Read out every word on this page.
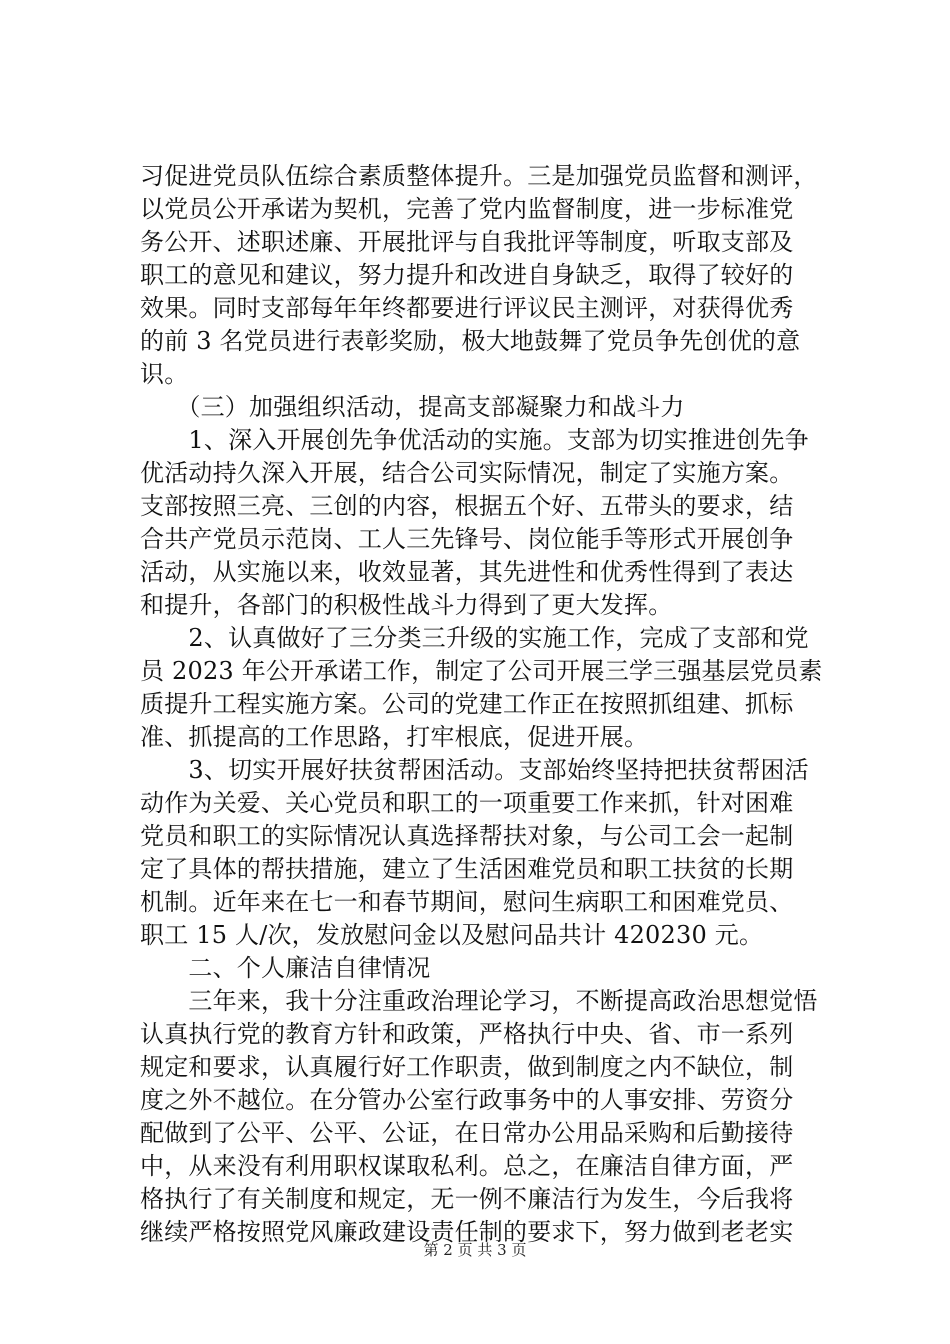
习促进党员队伍综合素质整体提升。三是加强党员监督和测评，
以党员公开承诺为契机，完善了党内监督制度，进一步标准党
务公开、述职述廉、开展批评与自我批评等制度，听取支部及
职工的意见和建议，努力提升和改进自身缺乏，取得了较好的
效果。同时支部每年年终都要进行评议民主测评，对获得优秀
的前 3 名党员进行表彰奖励，极大地鼓舞了党员争先创优的意
识。
　　（三）加强组织活动，提高支部凝聚力和战斗力
　　1、深入开展创先争优活动的实施。支部为切实推进创先争
优活动持久深入开展，结合公司实际情况，制定了实施方案。
支部按照三亮、三创的内容，根据五个好、五带头的要求，结
合共产党员示范岗、工人三先锋号、岗位能手等形式开展创争
活动，从实施以来，收效显著，其先进性和优秀性得到了表达
和提升，各部门的积极性战斗力得到了更大发挥。
　　2、认真做好了三分类三升级的实施工作，完成了支部和党
员 2023 年公开承诺工作，制定了公司开展三学三强基层党员素
质提升工程实施方案。公司的党建工作正在按照抓组建、抓标
准、抓提高的工作思路，打牢根底，促进开展。
　　3、切实开展好扶贫帮困活动。支部始终坚持把扶贫帮困活
动作为关爱、关心党员和职工的一项重要工作来抓，针对困难
党员和职工的实际情况认真选择帮扶对象，与公司工会一起制
定了具体的帮扶措施，建立了生活困难党员和职工扶贫的长期
机制。近年来在七一和春节期间，慰问生病职工和困难党员、
职工 15 人/次，发放慰问金以及慰问品共计 420230 元。
　　二、个人廉洁自律情况
　　三年来，我十分注重政治理论学习，不断提高政治思想觉悟
认真执行党的教育方针和政策，严格执行中央、省、市一系列
规定和要求，认真履行好工作职责，做到制度之内不缺位，制
度之外不越位。在分管办公室行政事务中的人事安排、劳资分
配做到了公平、公平、公证，在日常办公用品采购和后勤接待
中，从来没有利用职权谋取私利。总之，在廉洁自律方面，严
格执行了有关制度和规定，无一例不廉洁行为发生，今后我将
继续严格按照党风廉政建设责任制的要求下，努力做到老老实
第 2 页 共 3 页
